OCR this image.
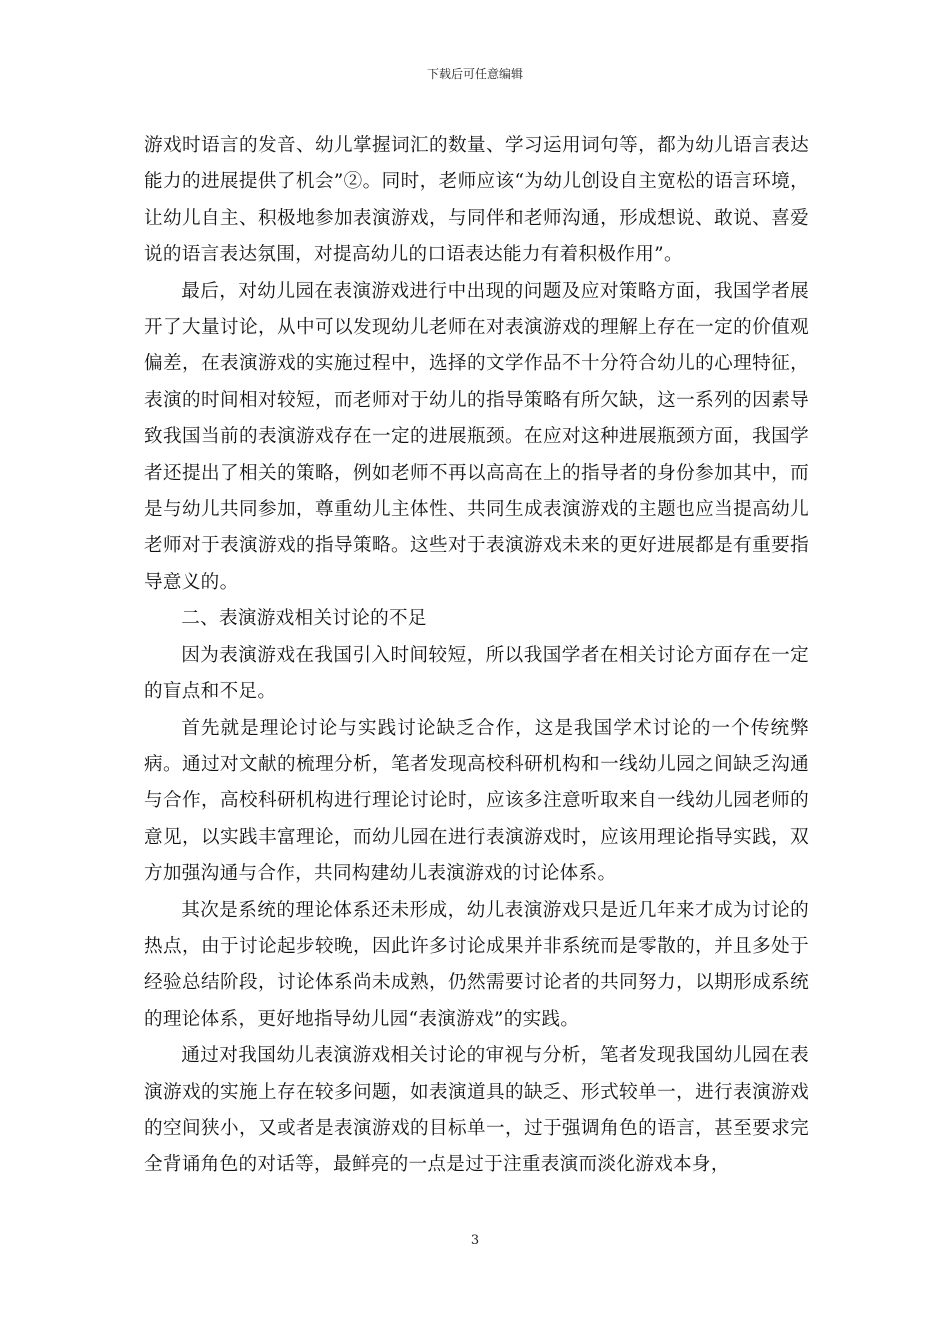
下载后可任意编辑

游戏时语言的发音、幼儿掌握词汇的数量、学习运用词句等，都为幼儿语言表达能力的进展提供了机会”②。同时，老师应该“为幼儿创设自主宽松的语言环境，让幼儿自主、积极地参加表演游戏，与同伴和老师沟通，形成想说、敢说、喜爱说的语言表达氛围，对提高幼儿的口语表达能力有着积极作用”。

最后，对幼儿园在表演游戏进行中出现的问题及应对策略方面，我国学者展开了大量讨论，从中可以发现幼儿老师在对表演游戏的理解上存在一定的价值观偏差，在表演游戏的实施过程中，选择的文学作品不十分符合幼儿的心理特征，表演的时间相对较短，而老师对于幼儿的指导策略有所欠缺，这一系列的因素导致我国当前的表演游戏存在一定的进展瓶颈。在应对这种进展瓶颈方面，我国学者还提出了相关的策略，例如老师不再以高高在上的指导者的身份参加其中，而是与幼儿共同参加，尊重幼儿主体性、共同生成表演游戏的主题也应当提高幼儿老师对于表演游戏的指导策略。这些对于表演游戏未来的更好进展都是有重要指导意义的。

二、表演游戏相关讨论的不足

因为表演游戏在我国引入时间较短，所以我国学者在相关讨论方面存在一定的盲点和不足。

首先就是理论讨论与实践讨论缺乏合作，这是我国学术讨论的一个传统弊病。通过对文献的梳理分析，笔者发现高校科研机构和一线幼儿园之间缺乏沟通与合作，高校科研机构进行理论讨论时，应该多注意听取来自一线幼儿园老师的意见，以实践丰富理论，而幼儿园在进行表演游戏时，应该用理论指导实践，双方加强沟通与合作，共同构建幼儿表演游戏的讨论体系。

其次是系统的理论体系还未形成，幼儿表演游戏只是近几年来才成为讨论的热点，由于讨论起步较晚，因此许多讨论成果并非系统而是零散的，并且多处于经验总结阶段，讨论体系尚未成熟，仍然需要讨论者的共同努力，以期形成系统的理论体系，更好地指导幼儿园“表演游戏”的实践。

通过对我国幼儿表演游戏相关讨论的审视与分析，笔者发现我国幼儿园在表演游戏的实施上存在较多问题，如表演道具的缺乏、形式较单一，进行表演游戏的空间狭小，又或者是表演游戏的目标单一，过于强调角色的语言，甚至要求完全背诵角色的对话等，最鲜亮的一点是过于注重表演而淡化游戏本身，

3
